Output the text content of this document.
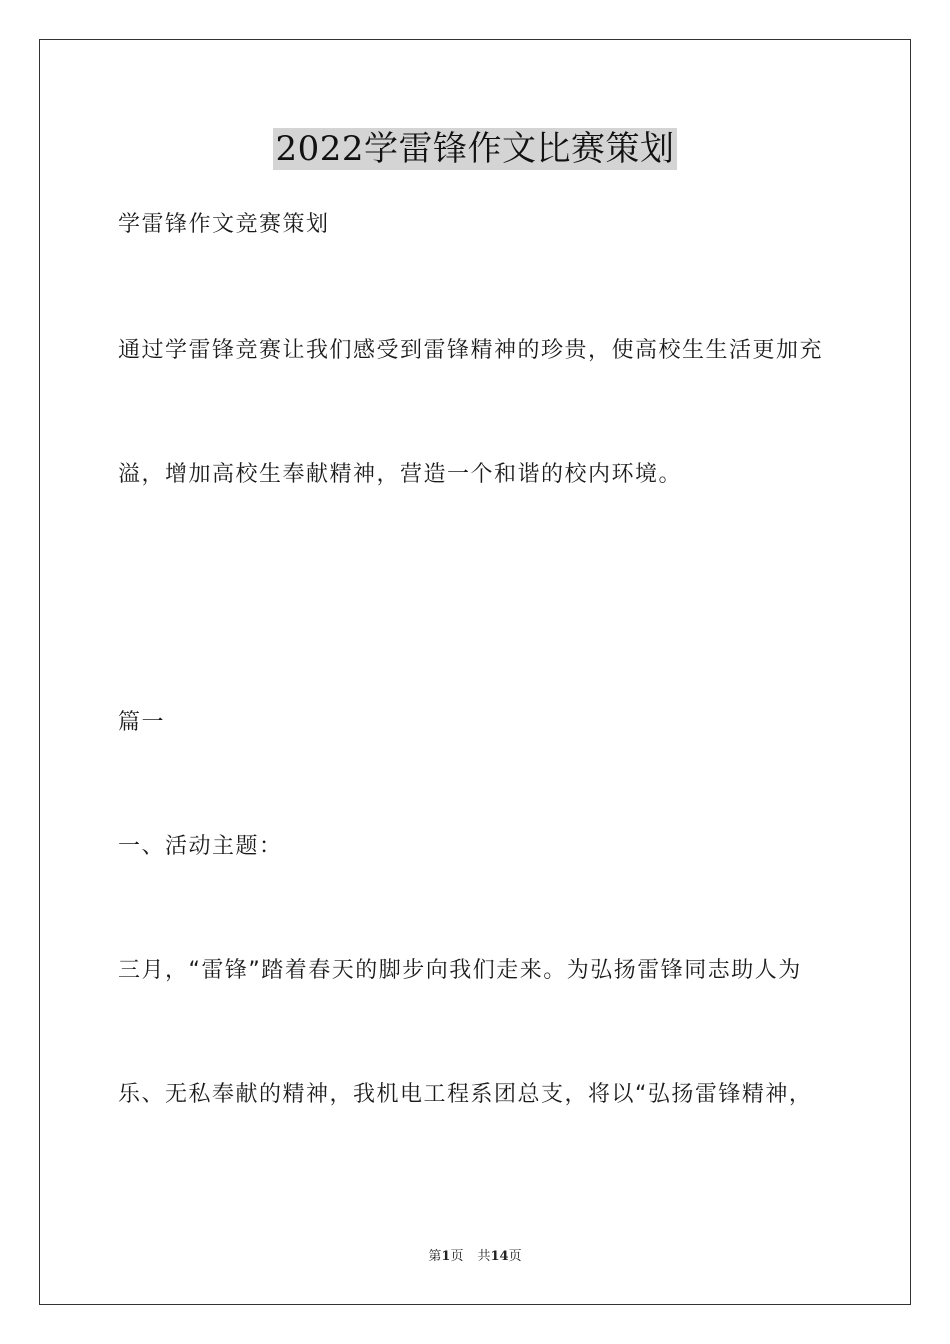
2022学雷锋作文比赛策划
学雷锋作文竞赛策划
通过学雷锋竞赛让我们感受到雷锋精神的珍贵，使高校生生活更加充
溢，增加高校生奉献精神，营造一个和谐的校内环境。
篇一
一、活动主题：
三月，“雷锋”踏着春天的脚步向我们走来。为弘扬雷锋同志助人为
乐、无私奉献的精神，我机电工程系团总支，将以“弘扬雷锋精神，
第1页 共14页
